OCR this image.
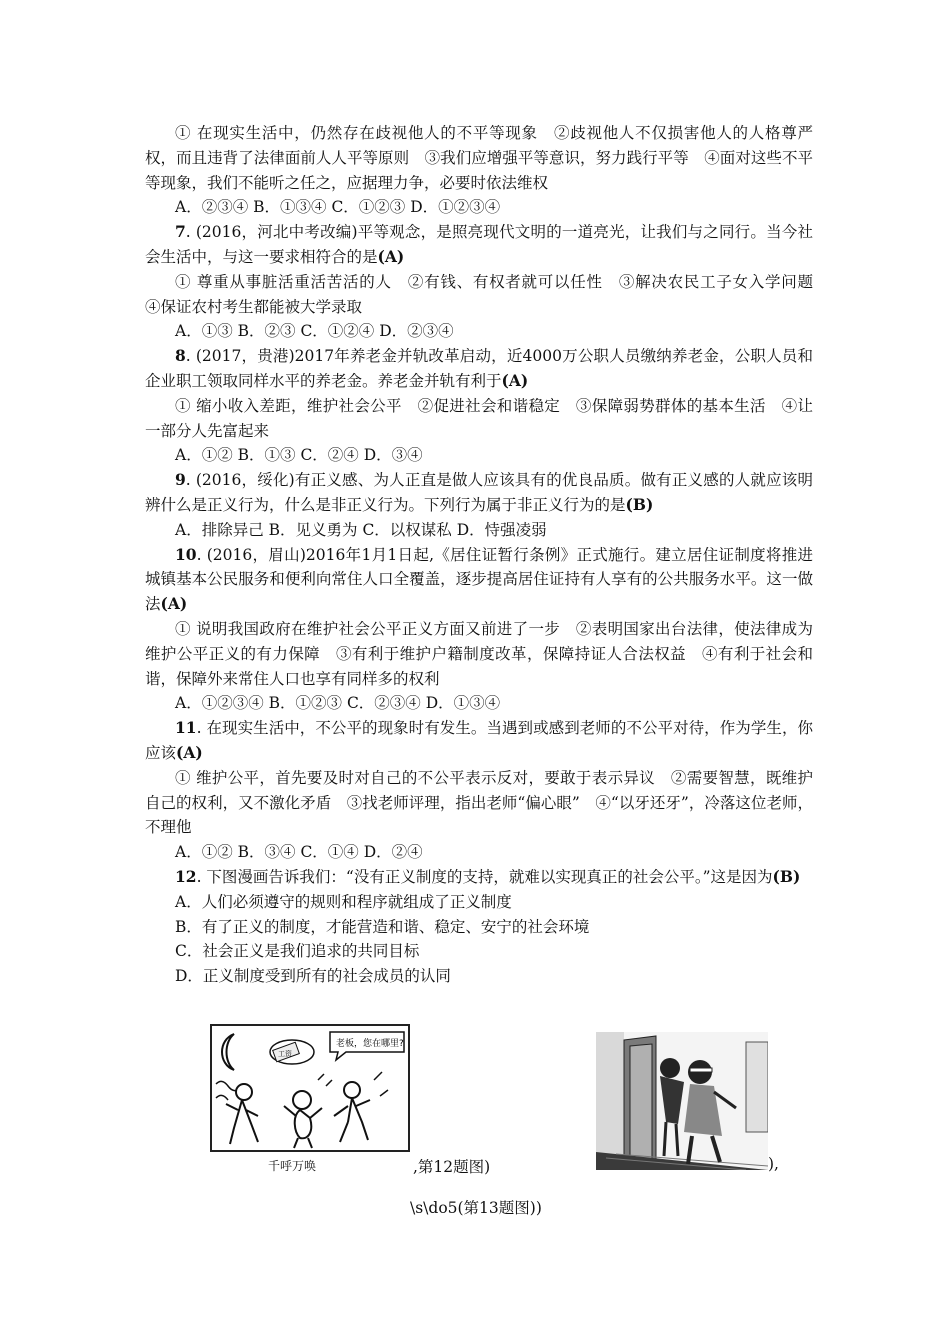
① 在现实生活中，仍然存在歧视他人的不平等现象　②歧视他人不仅损害他人的人格尊严权，而且违背了法律面前人人平等原则　③我们应增强平等意识，努力践行平等　④面对这些不平等现象，我们不能听之任之，应据理力争，必要时依法维权

A．②③④ B．①③④ C．①②③ D．①②③④

7. (2016，河北中考改编)平等观念，是照亮现代文明的一道亮光，让我们与之同行。当今社会生活中，与这一要求相符合的是(A)

① 尊重从事脏活重活苦活的人　②有钱、有权者就可以任性　③解决农民工子女入学问题　④保证农村考生都能被大学录取

A．①③ B．②③ C．①②④ D．②③④

8. (2017，贵港)2017年养老金并轨改革启动，近4000万公职人员缴纳养老金，公职人员和企业职工领取同样水平的养老金。养老金并轨有利于(A)

① 缩小收入差距，维护社会公平　②促进社会和谐稳定　③保障弱势群体的基本生活　④让一部分人先富起来

A．①② B．①③ C．②④ D．③④

9. (2016，绥化)有正义感、为人正直是做人应该具有的优良品质。做有正义感的人就应该明辨什么是正义行为，什么是非正义行为。下列行为属于非正义行为的是(B)

A．排除异己 B．见义勇为 C．以权谋私 D．恃强凌弱

10. (2016，眉山)2016年1月1日起,《居住证暂行条例》正式施行。建立居住证制度将推进城镇基本公民服务和便利向常住人口全覆盖，逐步提高居住证持有人享有的公共服务水平。这一做法(A)

① 说明我国政府在维护社会公平正义方面又前进了一步　②表明国家出台法律，使法律成为维护公平正义的有力保障　③有利于维护户籍制度改革，保障持证人合法权益　④有利于社会和谐，保障外来常住人口也享有同样多的权利

A．①②③④ B．①②③ C．②③④ D．①③④

11. 在现实生活中，不公平的现象时有发生。当遇到或感到老师的不公平对待，作为学生，你应该(A)

① 维护公平，首先要及时对自己的不公平表示反对，要敢于表示异议　②需要智慧，既维护自己的权利，又不激化矛盾　③找老师评理，指出老师“偏心眼”　④“以牙还牙”，冷落这位老师，不理他

A．①② B．③④ C．①④ D．②④

12. 下图漫画告诉我们：“没有正义制度的支持，就难以实现真正的社会公平。”这是因为(B)

A．人们必须遵守的规则和程序就组成了正义制度

B．有了正义的制度，才能营造和谐、稳定、安宁的社会环境

C．社会正义是我们追求的共同目标

D．正义制度受到所有的社会成员的认同

工资
老板，您在哪里?
千呼万唤	,第12题图)	),
\s\do5(第13题图))
